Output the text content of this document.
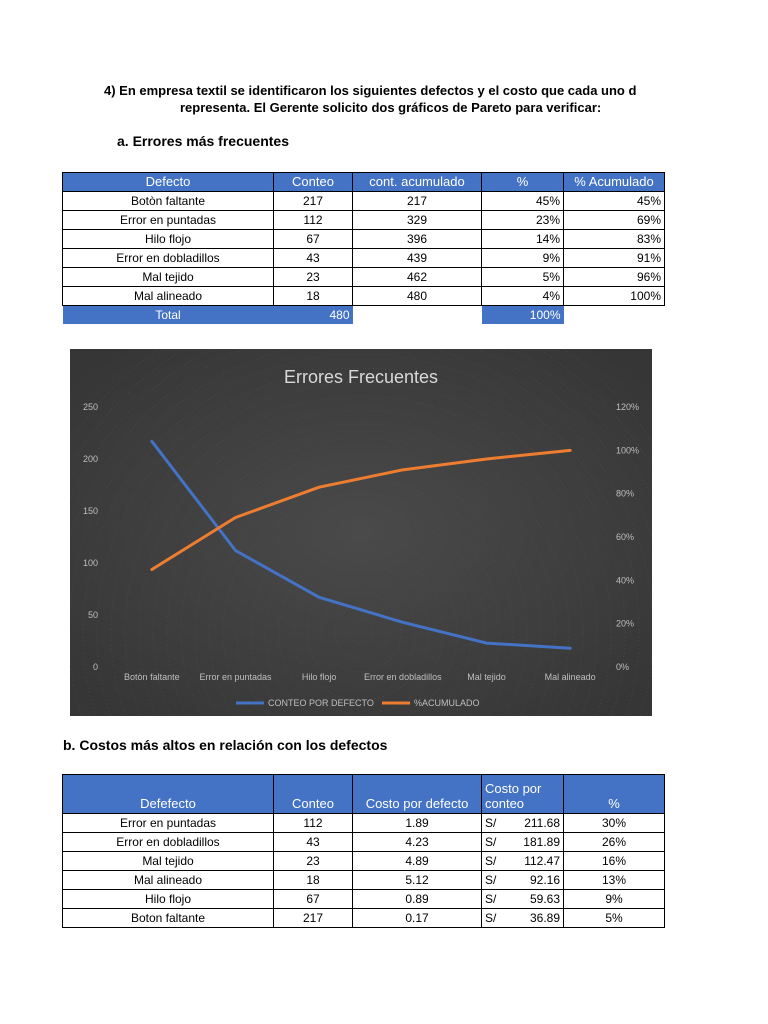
4) En empresa textil se identificaron los siguientes defectos y el costo que cada uno d
representa. El Gerente solicito dos gráficos de Pareto para verificar:
a. Errores más frecuentes
Defecto	Conteo	cont. acumulado	%	% Acumulado
Botòn faltante	217	217	45%	45%
Error en puntadas	112	329	23%	69%
Hilo flojo	67	396	14%	83%
Error en dobladillos	43	439	9%	91%
Mal tejido	23	462	5%	96%
Mal alineado	18	480	4%	100%
Total	480		100%	
Errores Frecuentes
0
50
100
150
200
250
0%
20%
40%
60%
80%
100%
120%
Botòn faltante Error en puntadas	Hilo flojo	Error en dobladillos	Mal tejido	Mal alineado
CONTEO POR DEFECTO	%ACUMULADO
b. Costos más altos en relación con los defectos
Defefecto	Conteo	Costo por defecto	Costo por conteo	%
Error en puntadas	112	1.89	S/ 211.68	30%
Error en dobladillos	43	4.23	S/ 181.89	26%
Mal tejido	23	4.89	S/ 112.47	16%
Mal alineado	18	5.12	S/ 92.16	13%
Hilo flojo	67	0.89	S/ 59.63	9%
Boton faltante	217	0.17	S/ 36.89	5%
